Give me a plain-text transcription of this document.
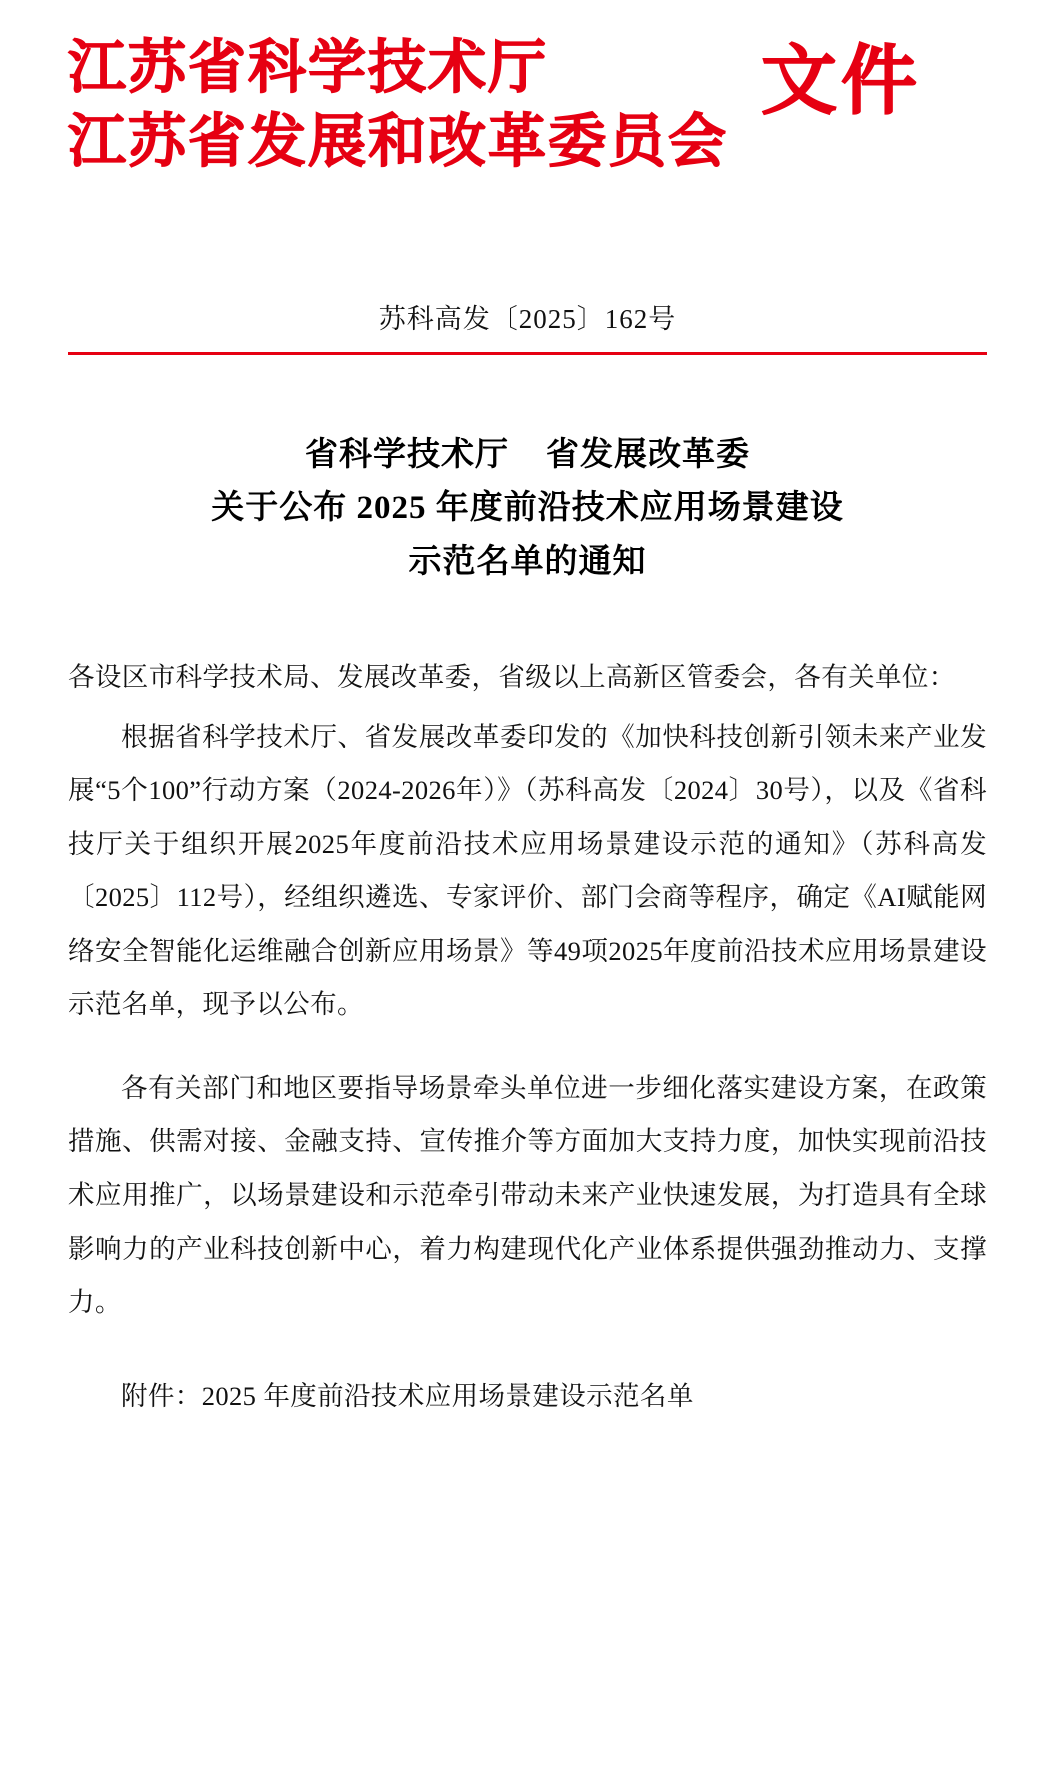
江苏省科学技术厅
江苏省发展和改革委员会
文件
苏科高发〔2025〕162号
省科学技术厅    省发展改革委
关于公布 2025 年度前沿技术应用场景建设
示范名单的通知

各设区市科学技术局、发展改革委，省级以上高新区管委会，各有关单位：

根据省科学技术厅、省发展改革委印发的《加快科技创新引领未来产业发展“5个100”行动方案（2024-2026年）》（苏科高发〔2024〕30号），以及《省科技厅关于组织开展2025年度前沿技术应用场景建设示范的通知》（苏科高发〔2025〕112号），经组织遴选、专家评价、部门会商等程序，确定《AI赋能网络安全智能化运维融合创新应用场景》等49项2025年度前沿技术应用场景建设示范名单，现予以公布。

各有关部门和地区要指导场景牵头单位进一步细化落实建设方案，在政策措施、供需对接、金融支持、宣传推介等方面加大支持力度，加快实现前沿技术应用推广，以场景建设和示范牵引带动未来产业快速发展，为打造具有全球影响力的产业科技创新中心，着力构建现代化产业体系提供强劲推动力、支撑力。

附件：2025 年度前沿技术应用场景建设示范名单
